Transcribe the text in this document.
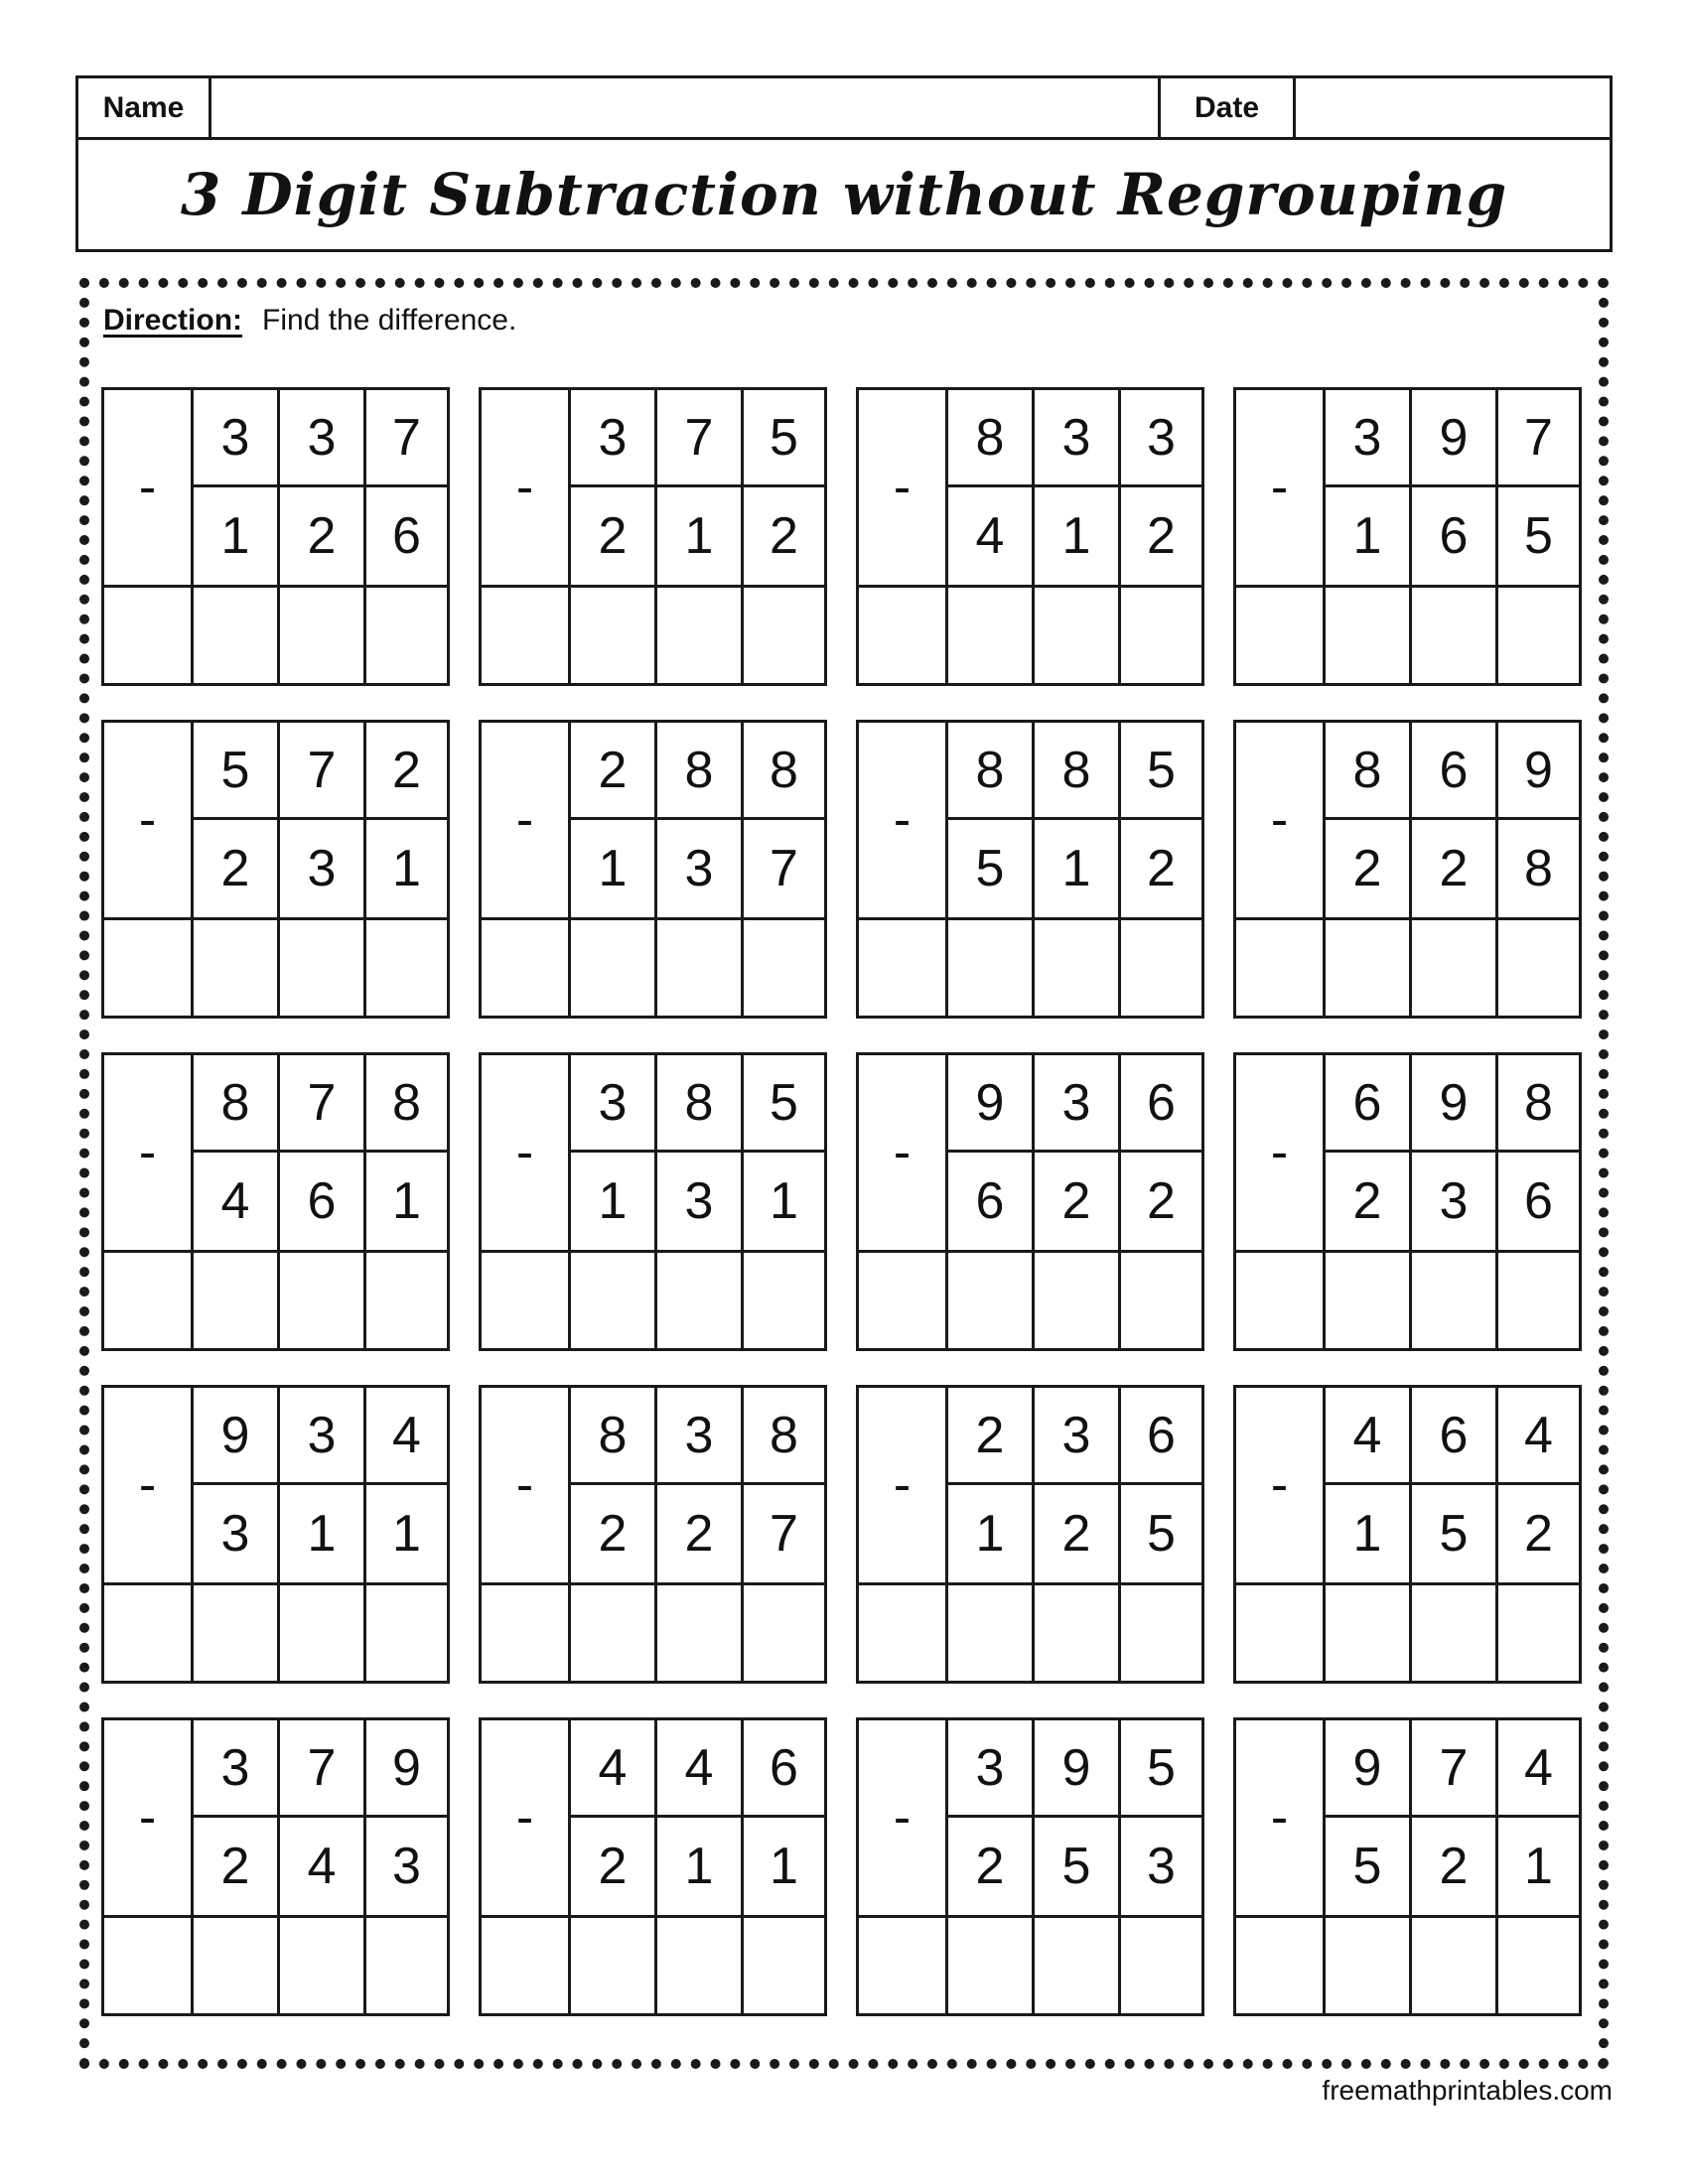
Name	Date
3 Digit Subtraction without Regrouping
Direction: Find the difference.
-
3	3	7
1	2	6
-
3	7	5
2	1	2
-
8	3	3
4	1	2
-
3	9	7
1	6	5
-
5	7	2
2	3	1
-
2	8	8
1	3	7
-
8	8	5
5	1	2
-
8	6	9
2	2	8
-
8	7	8
4	6	1
-
3	8	5
1	3	1
-
9	3	6
6	2	2
-
6	9	8
2	3	6
-
9	3	4
3	1	1
-
8	3	8
2	2	7
-
2	3	6
1	2	5
-
4	6	4
1	5	2
-
3	7	9
2	4	3
-
4	4	6
2	1	1
-
3	9	5
2	5	3
-
9	7	4
5	2	1
freemathprintables.com
